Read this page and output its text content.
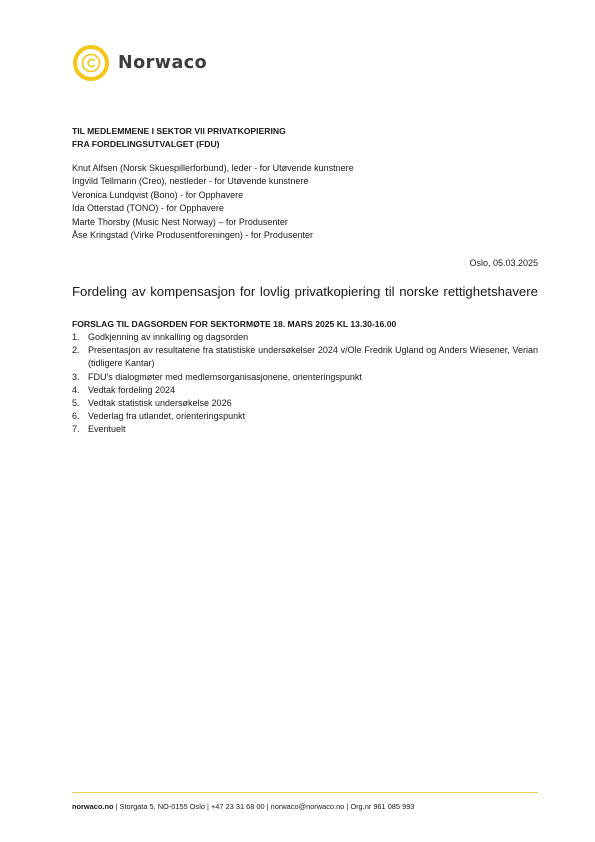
Norwaco
TIL MEDLEMMENE I SEKTOR VII PRIVATKOPIERING
FRA FORDELINGSUTVALGET (FDU)
Knut Alfsen (Norsk Skuespillerforbund), leder - for Utøvende kunstnere
Ingvild Tellmann (Creo), nestleder - for Utøvende kunstnere
Veronica Lundqvist (Bono) - for Opphavere
Ida Otterstad (TONO) - for Opphavere
Marte Thorsby (Music Nest Norway) – for Produsenter
Åse Kringstad (Virke Produsentforeningen) - for Produsenter
Oslo, 05.03.2025
Fordeling av kompensasjon for lovlig privatkopiering til norske rettighetshavere
FORSLAG TIL DAGSORDEN FOR SEKTORMØTE 18. MARS 2025 KL 13.30-16.00
1. Godkjenning av innkalling og dagsorden
2. Presentasjon av resultatene fra statistiske undersøkelser 2024 v/Ole Fredrik Ugland og Anders Wiesener, Verian (tidligere Kantar)
3. FDU's dialogmøter med medlemsorganisasjonene, orienteringspunkt
4. Vedtak fordeling 2024
5. Vedtak statistisk undersøkelse 2026
6. Vederlag fra utlandet, orienteringspunkt
7. Eventuelt
norwaco.no | Storgata 5, NO-0155 Oslo | +47 23 31 68 00 | norwaco@norwaco.no | Org.nr 961 085 993
